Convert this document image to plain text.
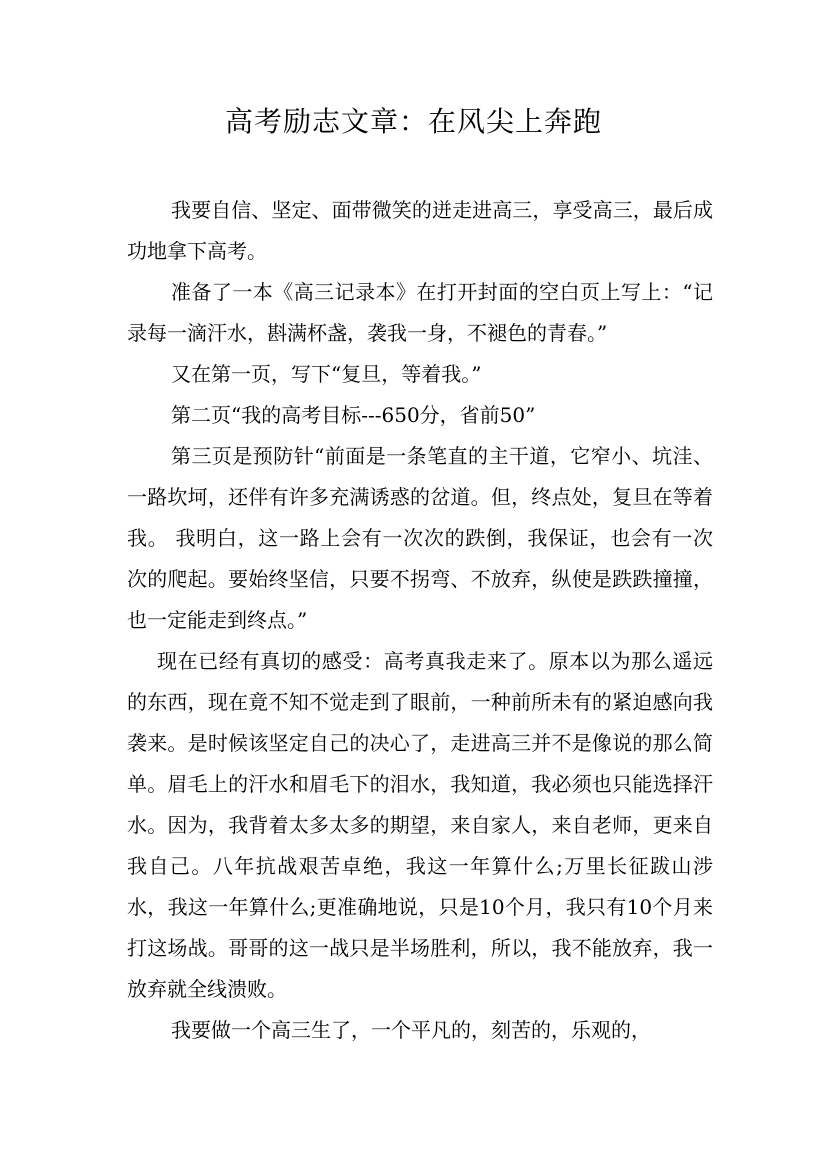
高考励志文章：在风尖上奔跑

我要自信、坚定、面带微笑的迸走进高三，享受高三，最后成功地拿下高考。

准备了一本《高三记录本》在打开封面的空白页上写上：“记录每一滴汗水，斟满杯盏，袭我一身，不褪色的青春。”

又在第一页，写下“复旦，等着我。”

第二页“我的高考目标---650分，省前50”

第三页是预防针“前面是一条笔直的主干道，它窄小、坑洼、一路坎坷，还伴有许多充满诱惑的岔道。但，终点处，复旦在等着我。 我明白，这一路上会有一次次的跌倒，我保证，也会有一次次的爬起。要始终坚信，只要不拐弯、不放弃，纵使是跌跌撞撞，也一定能走到终点。”

现在已经有真切的感受：高考真我走来了。原本以为那么遥远的东西，现在竟不知不觉走到了眼前，一种前所未有的紧迫感向我袭来。是时候该坚定自己的决心了，走进高三并不是像说的那么简单。眉毛上的汗水和眉毛下的泪水，我知道，我必须也只能选择汗水。因为，我背着太多太多的期望，来自家人，来自老师，更来自我自己。八年抗战艰苦卓绝，我这一年算什么;万里长征跋山涉水，我这一年算什么;更准确地说，只是10个月，我只有10个月来打这场战。哥哥的这一战只是半场胜利，所以，我不能放弃，我一放弃就全线溃败。

我要做一个高三生了，一个平凡的，刻苦的，乐观的，
